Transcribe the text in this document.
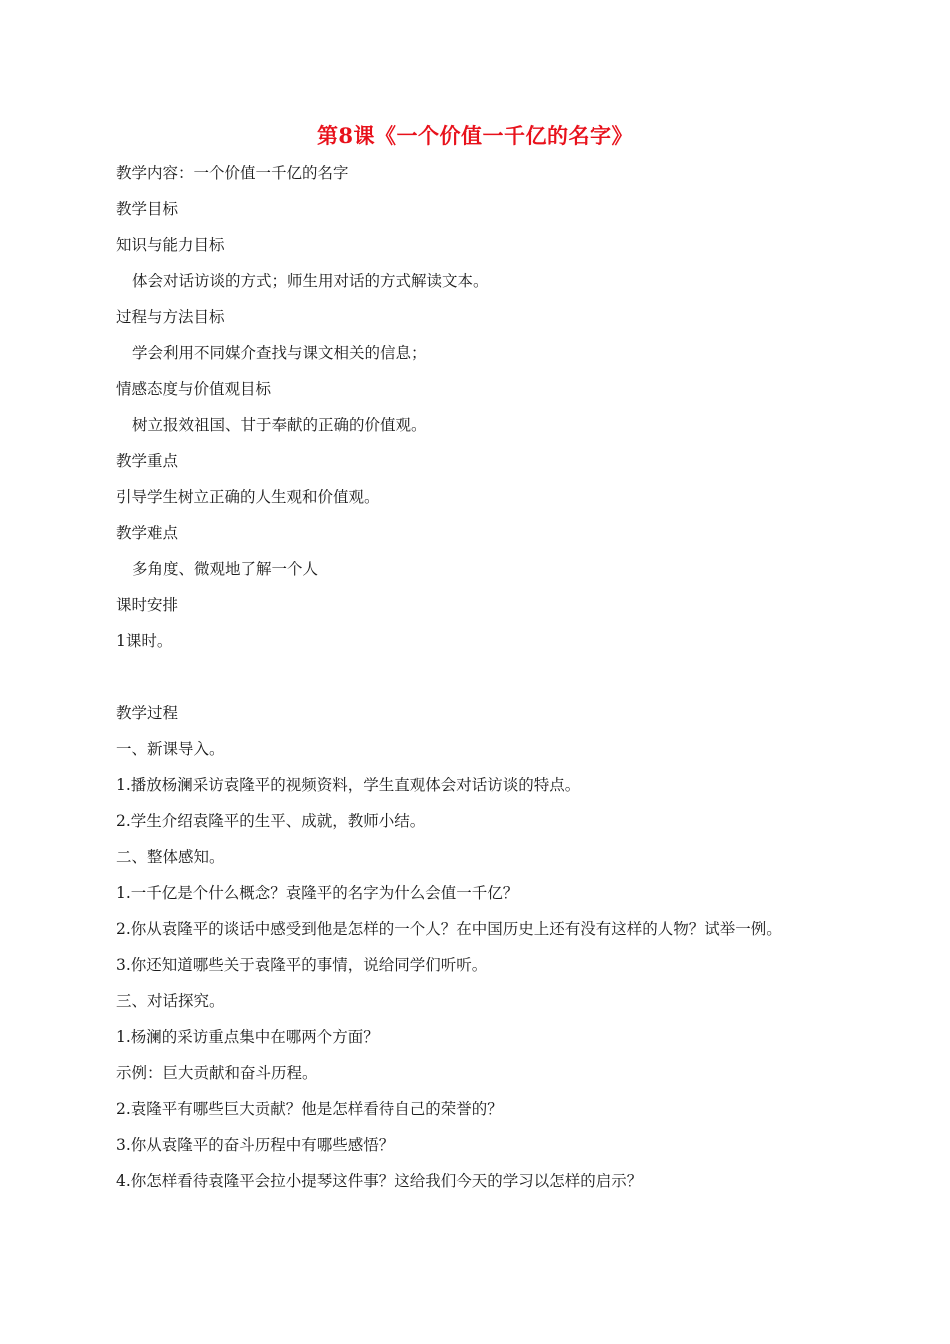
第8课《一个价值一千亿的名字》
教学内容：一个价值一千亿的名字
教学目标
知识与能力目标
体会对话访谈的方式；师生用对话的方式解读文本。
过程与方法目标
学会利用不同媒介查找与课文相关的信息；
情感态度与价值观目标
树立报效祖国、甘于奉献的正确的价值观。
教学重点
引导学生树立正确的人生观和价值观。
教学难点
多角度、微观地了解一个人
课时安排
1课时。
教学过程
一、新课导入。
1.播放杨澜采访袁隆平的视频资料，学生直观体会对话访谈的特点。
2.学生介绍袁隆平的生平、成就，教师小结。
二、整体感知。
1.一千亿是个什么概念？袁隆平的名字为什么会值一千亿？
2.你从袁隆平的谈话中感受到他是怎样的一个人？在中国历史上还有没有这样的人物？试举一例。
3.你还知道哪些关于袁隆平的事情，说给同学们听听。
三、对话探究。
1.杨澜的采访重点集中在哪两个方面？
示例：巨大贡献和奋斗历程。
2.袁隆平有哪些巨大贡献？他是怎样看待自己的荣誉的？
3.你从袁隆平的奋斗历程中有哪些感悟？
4.你怎样看待袁隆平会拉小提琴这件事？这给我们今天的学习以怎样的启示？
